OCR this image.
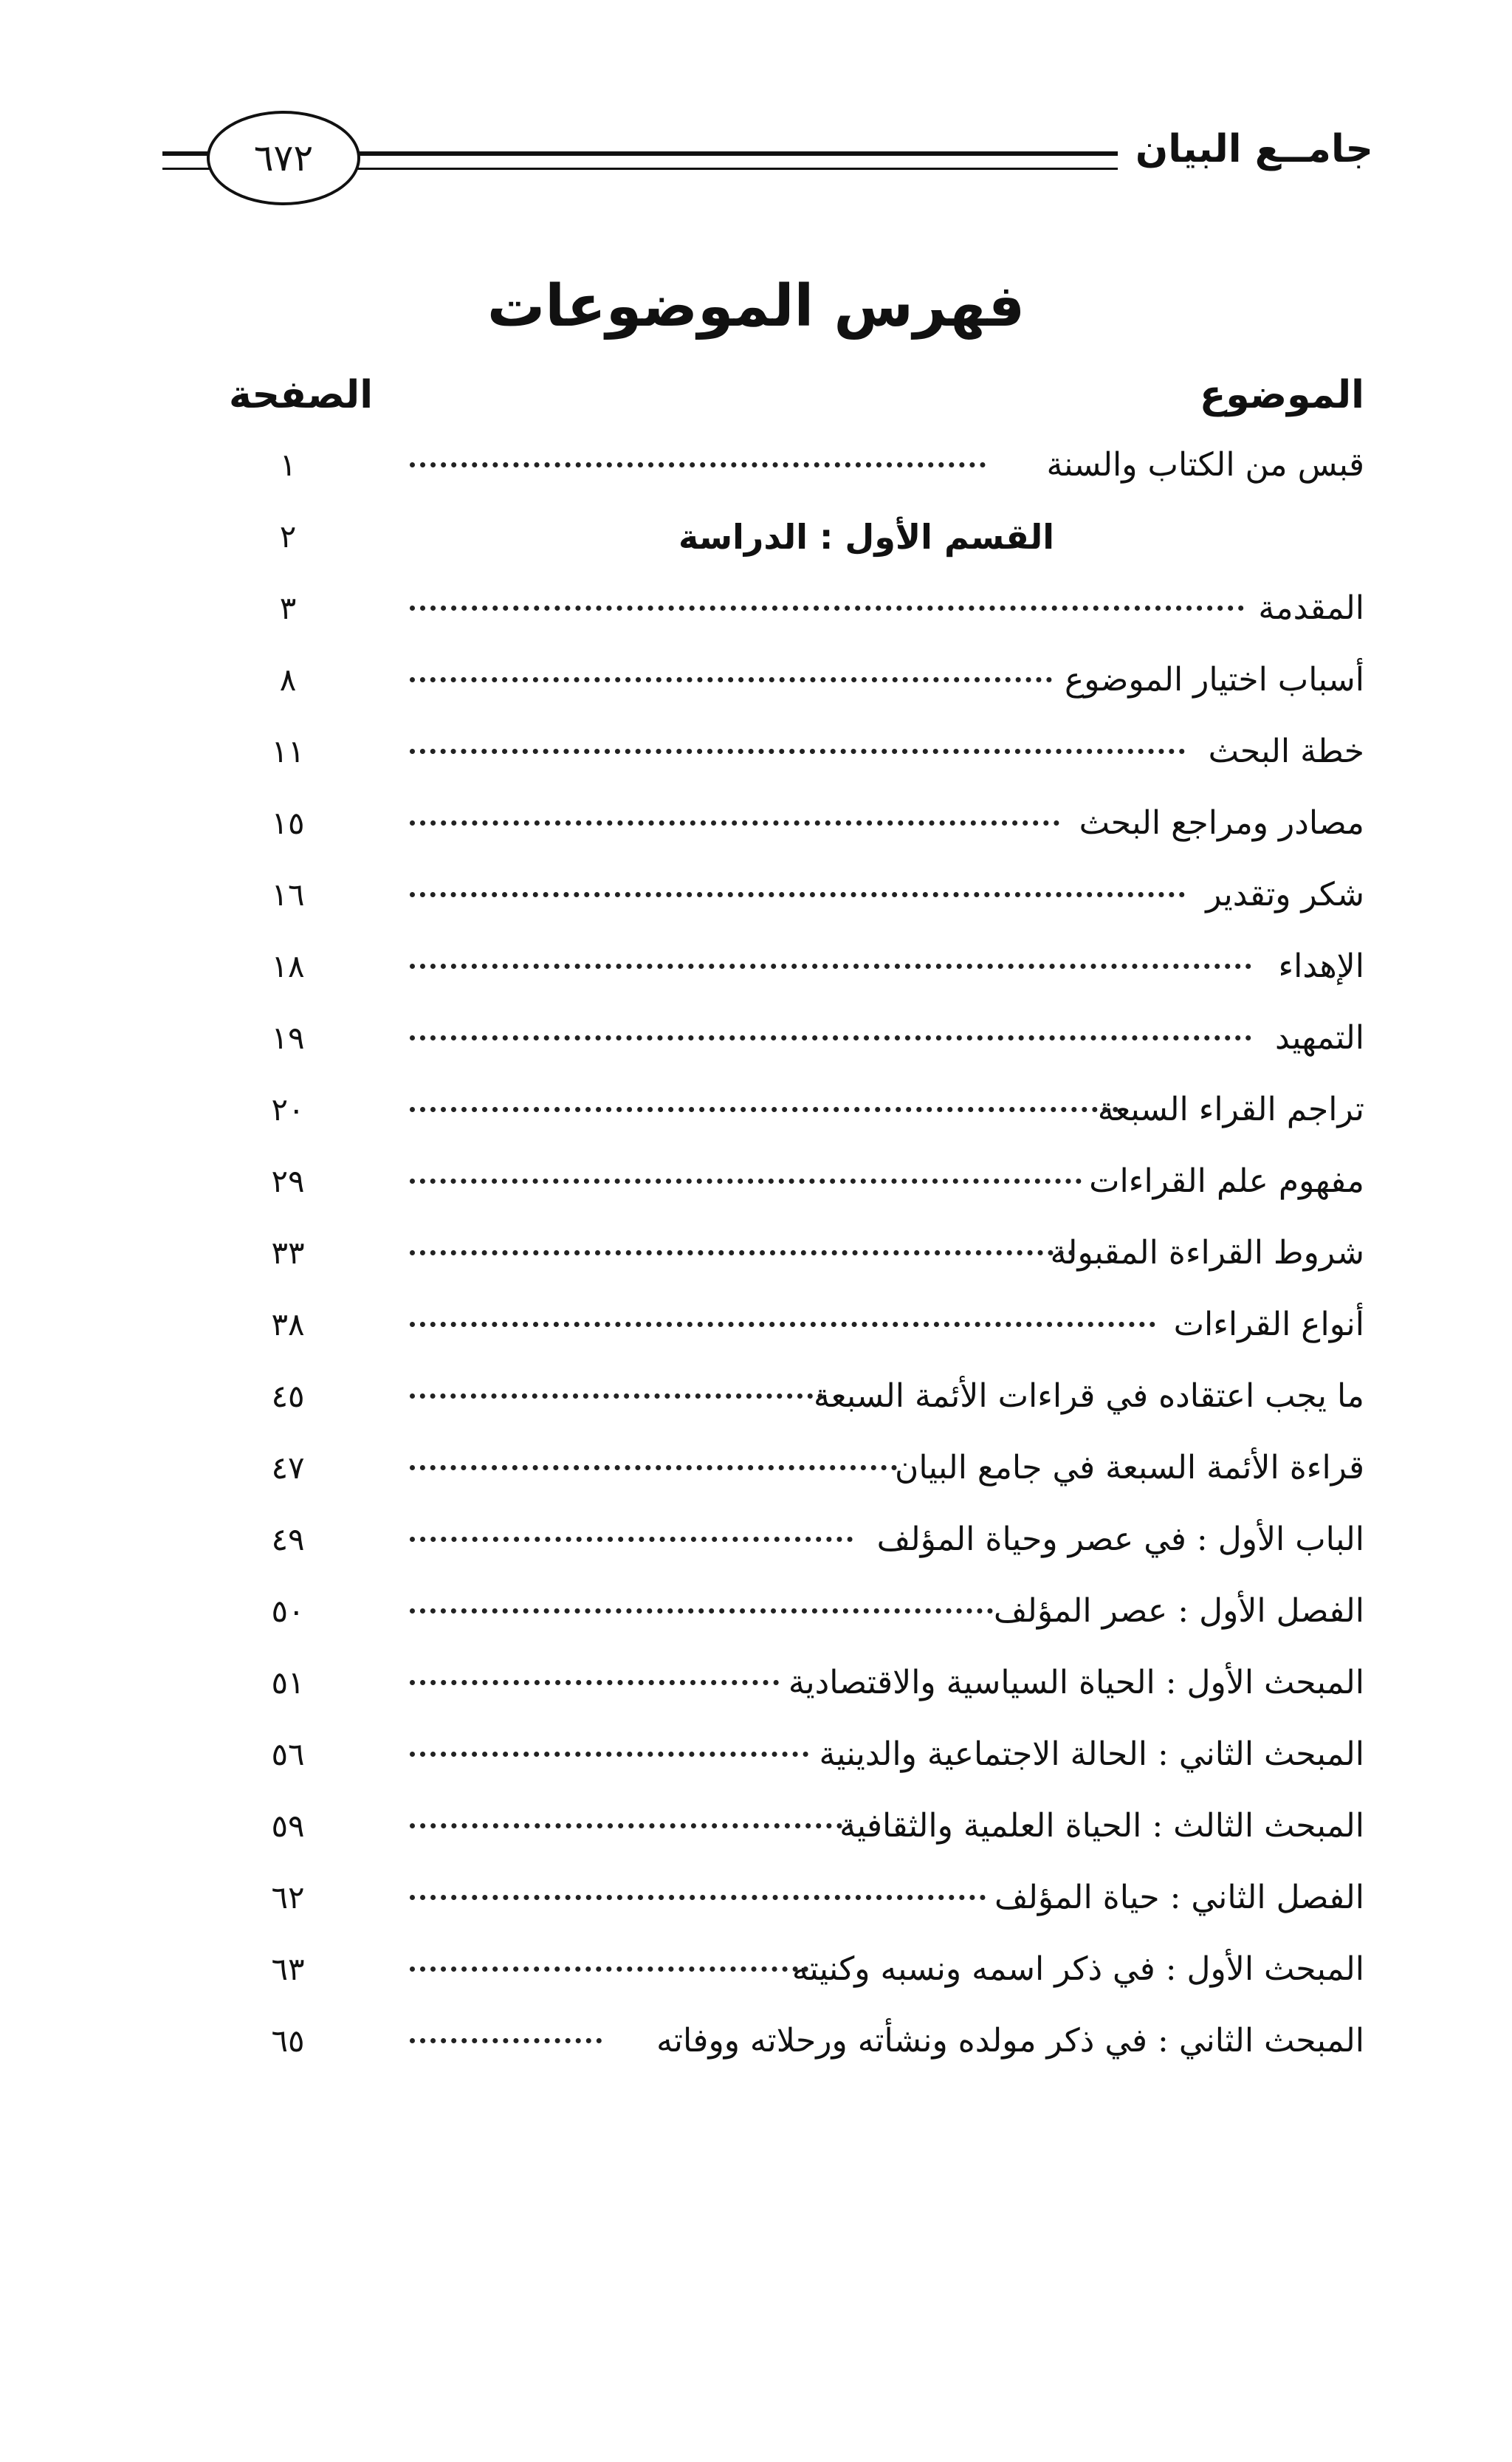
جامــع البيان
٦٧٢
فهرس الموضوعات
الموضوع
الصفحة
قبس من الكتاب والسنة
١
القسم الأول : الدراسة
٢
المقدمة
٣
أسباب اختيار الموضوع
٨
خطة البحث
١١
مصادر ومراجع البحث
١٥
شكر وتقدير
١٦
الإهداء
١٨
التمهيد
١٩
تراجم القراء السبعة
٢٠
مفهوم علم القراءات
٢٩
شروط القراءة المقبولة
٣٣
أنواع القراءات
٣٨
ما يجب اعتقاده في قراءات الأئمة السبعة
٤٥
قراءة الأئمة السبعة في جامع البيان
٤٧
الباب الأول : في عصر وحياة المؤلف
٤٩
الفصل الأول : عصر المؤلف
٥٠
المبحث الأول : الحياة السياسية والاقتصادية
٥١
المبحث الثاني : الحالة الاجتماعية والدينية
٥٦
المبحث الثالث : الحياة العلمية والثقافية
٥٩
الفصل الثاني : حياة المؤلف
٦٢
المبحث الأول : في ذكر اسمه ونسبه وكنيته
٦٣
المبحث الثاني : في ذكر مولده ونشأته ورحلاته ووفاته
٦٥
